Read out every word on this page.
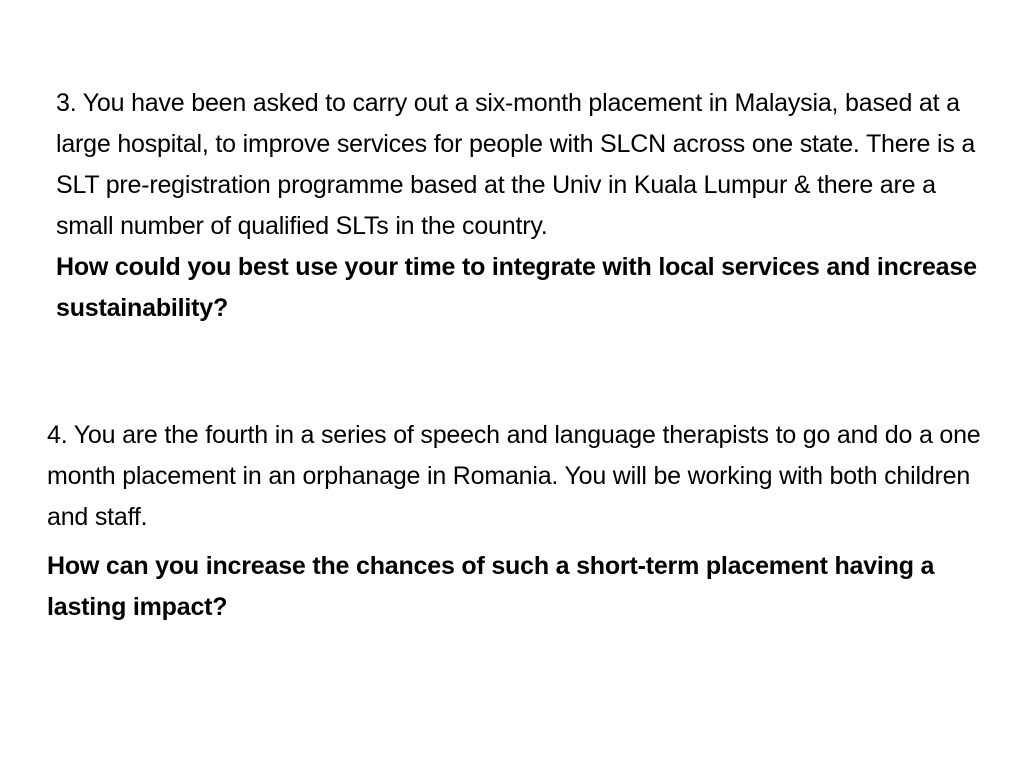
3. You have been asked to carry out a six-month placement in Malaysia, based at a large hospital, to improve services for people with SLCN across one state. There is a SLT pre-registration programme based at the Univ in Kuala Lumpur & there are a small number of qualified SLTs in the country.

How could you best use your time to integrate with local services and increase sustainability?

4. You are the fourth in a series of speech and language therapists to go and do a one month placement in an orphanage in Romania. You will be working with both children and staff.

How can you increase the chances of such a short-term placement having a lasting impact?
